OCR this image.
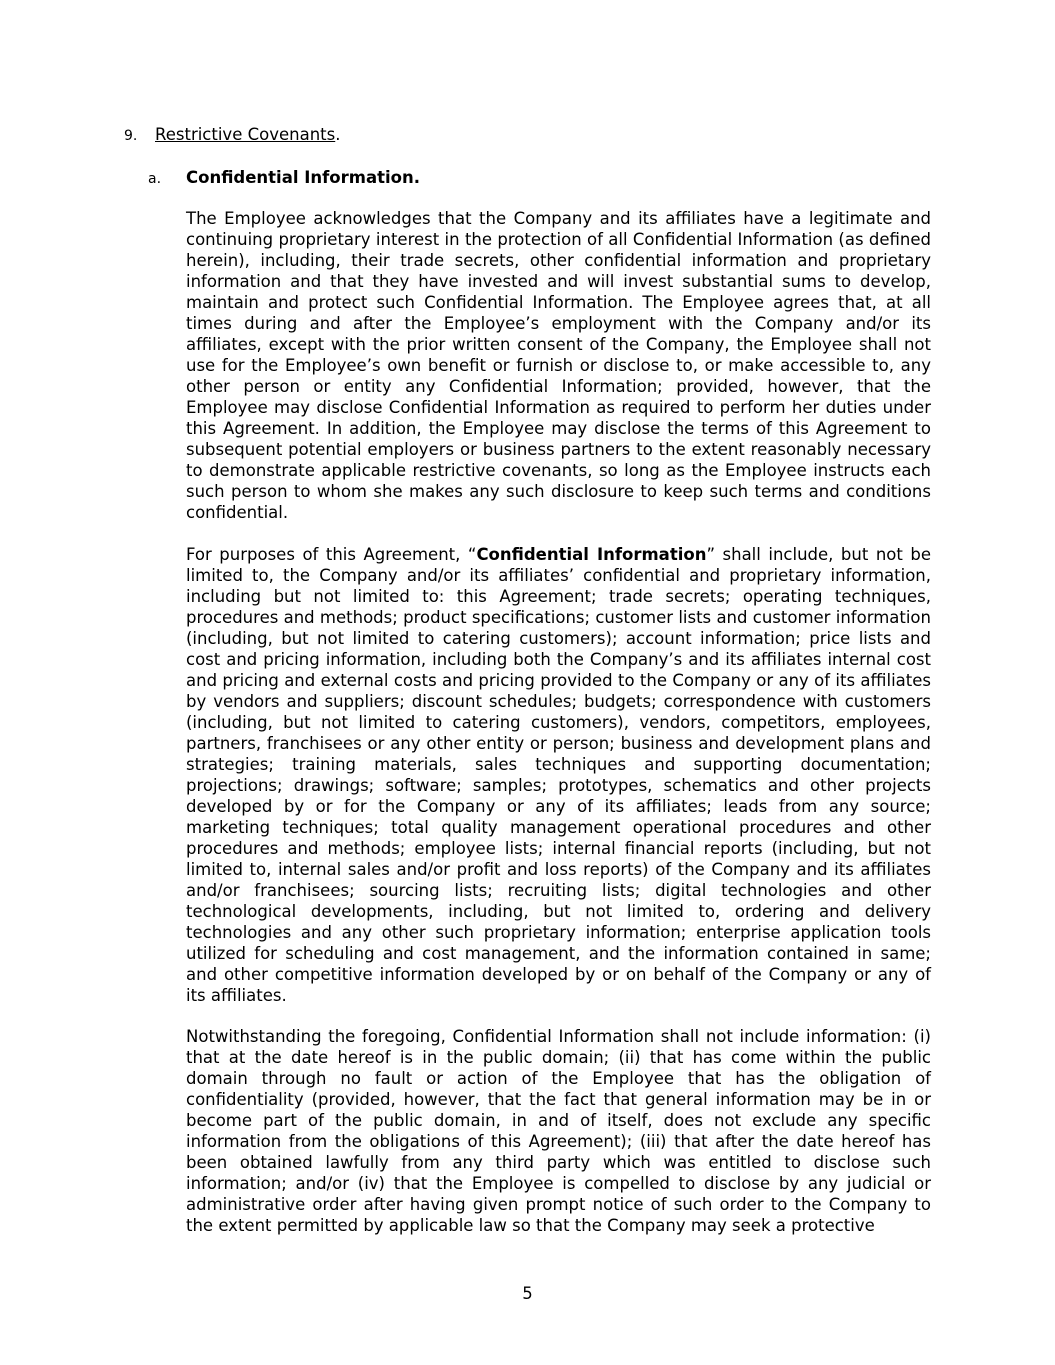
9. Restrictive Covenants.
a. Confidential Information.

The Employee acknowledges that the Company and its affiliates have a legitimate and continuing proprietary interest in the protection of all Confidential Information (as defined herein), including, their trade secrets, other confidential information and proprietary information and that they have invested and will invest substantial sums to develop, maintain and protect such Confidential Information. The Employee agrees that, at all times during and after the Employee’s employment with the Company and/or its affiliates, except with the prior written consent of the Company, the Employee shall not use for the Employee’s own benefit or furnish or disclose to, or make accessible to, any other person or entity any Confidential Information; provided, however, that the Employee may disclose Confidential Information as required to perform her duties under this Agreement. In addition, the Employee may disclose the terms of this Agreement to subsequent potential employers or business partners to the extent reasonably necessary to demonstrate applicable restrictive covenants, so long as the Employee instructs each such person to whom she makes any such disclosure to keep such terms and conditions confidential.

For purposes of this Agreement, “Confidential Information” shall include, but not be limited to, the Company and/or its affiliates’ confidential and proprietary information, including but not limited to: this Agreement; trade secrets; operating techniques, procedures and methods; product specifications; customer lists and customer information (including, but not limited to catering customers); account information; price lists and cost and pricing information, including both the Company’s and its affiliates internal cost and pricing and external costs and pricing provided to the Company or any of its affiliates by vendors and suppliers; discount schedules; budgets; correspondence with customers (including, but not limited to catering customers), vendors, competitors, employees, partners, franchisees or any other entity or person; business and development plans and strategies; training materials, sales techniques and supporting documentation; projections; drawings; software; samples; prototypes, schematics and other projects developed by or for the Company or any of its affiliates; leads from any source; marketing techniques; total quality management operational procedures and other procedures and methods; employee lists; internal financial reports (including, but not limited to, internal sales and/or profit and loss reports) of the Company and its affiliates and/or franchisees; sourcing lists; recruiting lists; digital technologies and other technological developments, including, but not limited to, ordering and delivery technologies and any other such proprietary information; enterprise application tools utilized for scheduling and cost management, and the information contained in same; and other competitive information developed by or on behalf of the Company or any of its affiliates.

Notwithstanding the foregoing, Confidential Information shall not include information: (i) that at the date hereof is in the public domain; (ii) that has come within the public domain through no fault or action of the Employee that has the obligation of confidentiality (provided, however, that the fact that general information may be in or become part of the public domain, in and of itself, does not exclude any specific information from the obligations of this Agreement); (iii) that after the date hereof has been obtained lawfully from any third party which was entitled to disclose such information; and/or (iv) that the Employee is compelled to disclose by any judicial or administrative order after having given prompt notice of such order to the Company to the extent permitted by applicable law so that the Company may seek a protective

5
